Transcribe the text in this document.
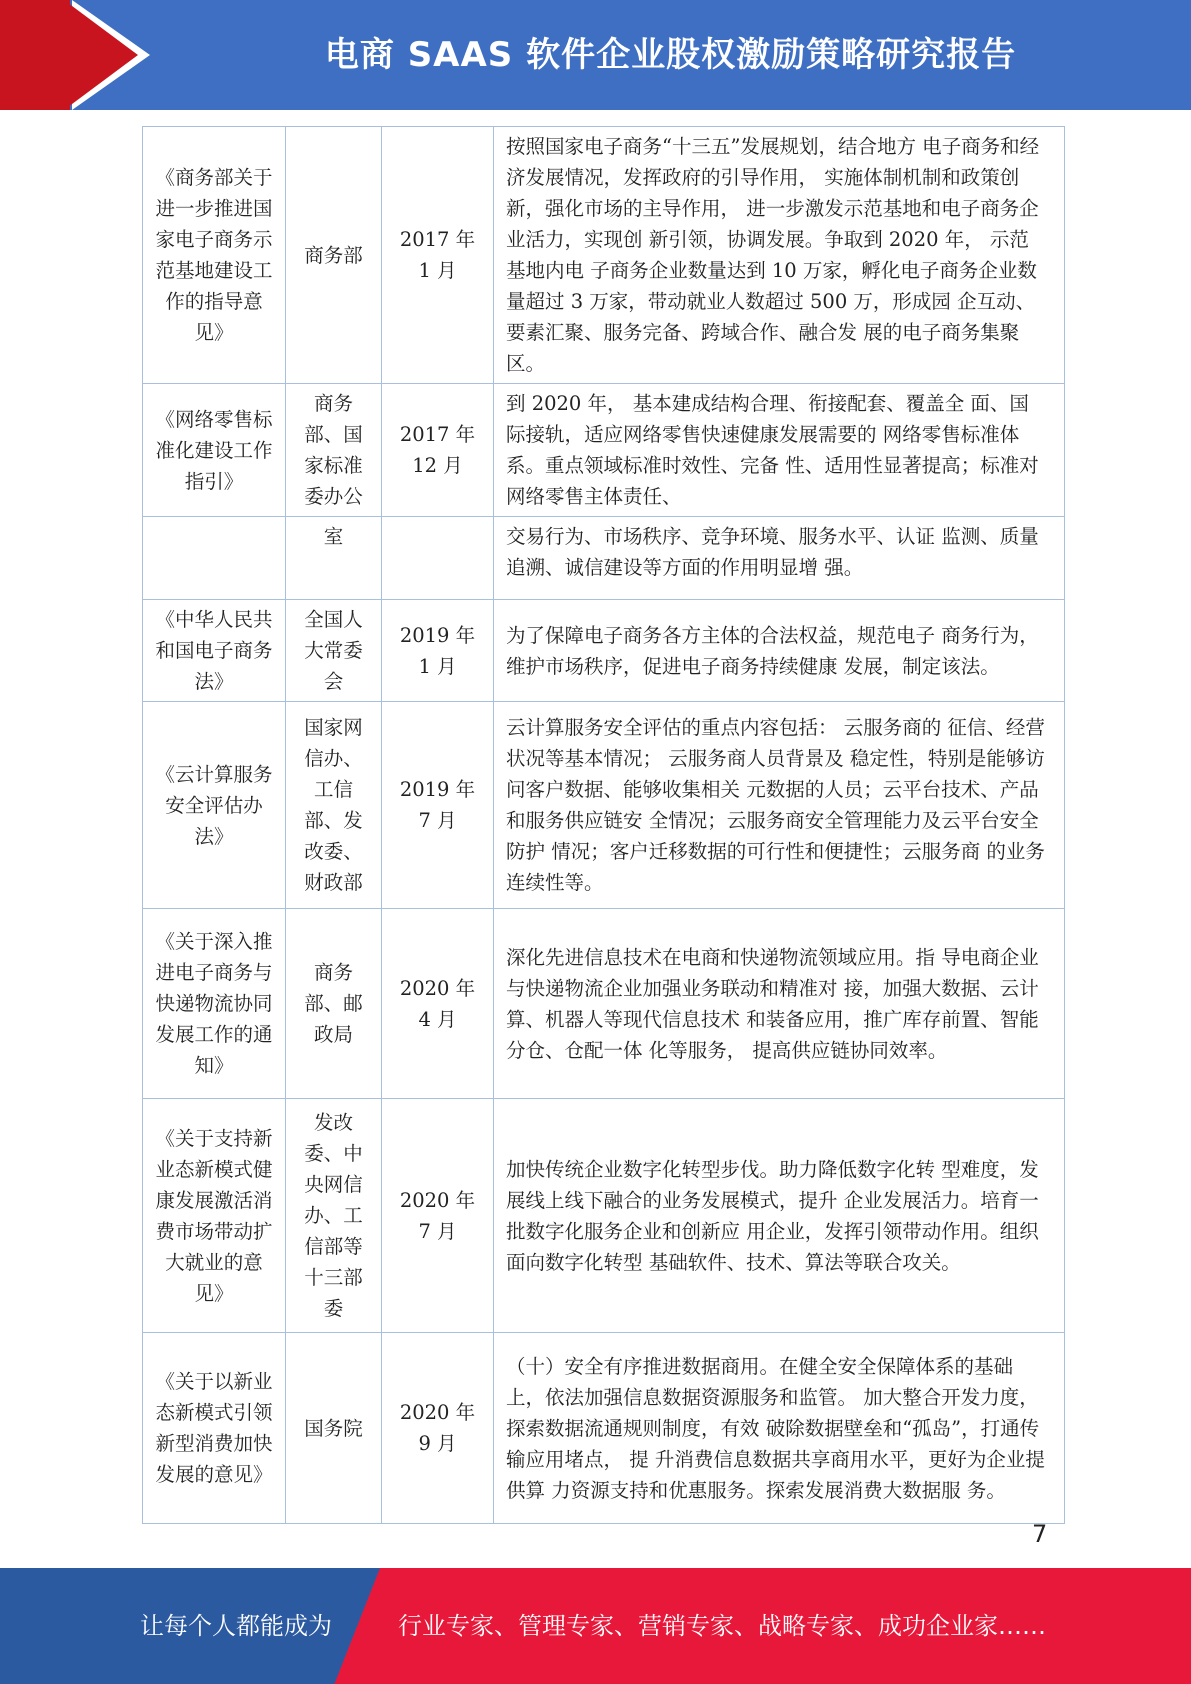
电商 SAAS 软件企业股权激励策略研究报告
《商务部关于进一步推进国家电子商务示范基地建设工作的指导意见》	商务部	2017 年 1 月	按照国家电子商务“十三五”发展规划，结合地方 电子商务和经济发展情况，发挥政府的引导作用， 实施体制机制和政策创新，强化市场的主导作用， 进一步激发示范基地和电子商务企业活力，实现创 新引领，协调发展。争取到 2020 年， 示范基地内电 子商务企业数量达到 10 万家，孵化电子商务企业数 量超过 3 万家，带动就业人数超过 500 万，形成园 企互动、要素汇聚、服务完备、跨域合作、融合发 展的电子商务集聚区。
《网络零售标准化建设工作指引》	商务部、国家标准委办公	2017 年 12 月	到 2020 年， 基本建成结构合理、衔接配套、覆盖全 面、国际接轨，适应网络零售快速健康发展需要的 网络零售标准体系。重点领域标准时效性、完备 性、适用性显著提高；标准对网络零售主体责任、
	室		交易行为、市场秩序、竞争环境、服务水平、认证 监测、质量追溯、诚信建设等方面的作用明显增 强。
《中华人民共和国电子商务法》	全国人大常委会	2019 年 1 月	为了保障电子商务各方主体的合法权益，规范电子 商务行为， 维护市场秩序，促进电子商务持续健康 发展，制定该法。
《云计算服务安全评估办法》	国家网信办、工信部、发改委、财政部	2019 年 7 月	云计算服务安全评估的重点内容包括： 云服务商的 征信、经营状况等基本情况； 云服务商人员背景及 稳定性，特别是能够访问客户数据、能够收集相关 元数据的人员；云平台技术、产品和服务供应链安 全情况；云服务商安全管理能力及云平台安全防护 情况；客户迁移数据的可行性和便捷性；云服务商 的业务连续性等。
《关于深入推进电子商务与快递物流协同发展工作的通知》	商务部、邮政局	2020 年 4 月	深化先进信息技术在电商和快递物流领域应用。指 导电商企业与快递物流企业加强业务联动和精准对 接，加强大数据、云计算、机器人等现代信息技术 和装备应用，推广库存前置、智能分仓、仓配一体 化等服务， 提高供应链协同效率。
《关于支持新业态新模式健康发展激活消费市场带动扩大就业的意见》	发改委、中央网信办、工信部等十三部委	2020 年 7 月	加快传统企业数字化转型步伐。助力降低数字化转 型难度，发展线上线下融合的业务发展模式，提升 企业发展活力。培育一批数字化服务企业和创新应 用企业，发挥引领带动作用。组织面向数字化转型 基础软件、技术、算法等联合攻关。
《关于以新业态新模式引领新型消费加快发展的意见》	国务院	2020 年 9 月	（十）安全有序推进数据商用。在健全安全保障体系的基础上，依法加强信息数据资源服务和监管。 加大整合开发力度， 探索数据流通规则制度，有效 破除数据壁垒和“孤岛”，打通传输应用堵点， 提 升消费信息数据共享商用水平，更好为企业提供算 力资源支持和优惠服务。探索发展消费大数据服 务。
7
让每个人都能成为	行业专家、管理专家、营销专家、战略专家、成功企业家……
